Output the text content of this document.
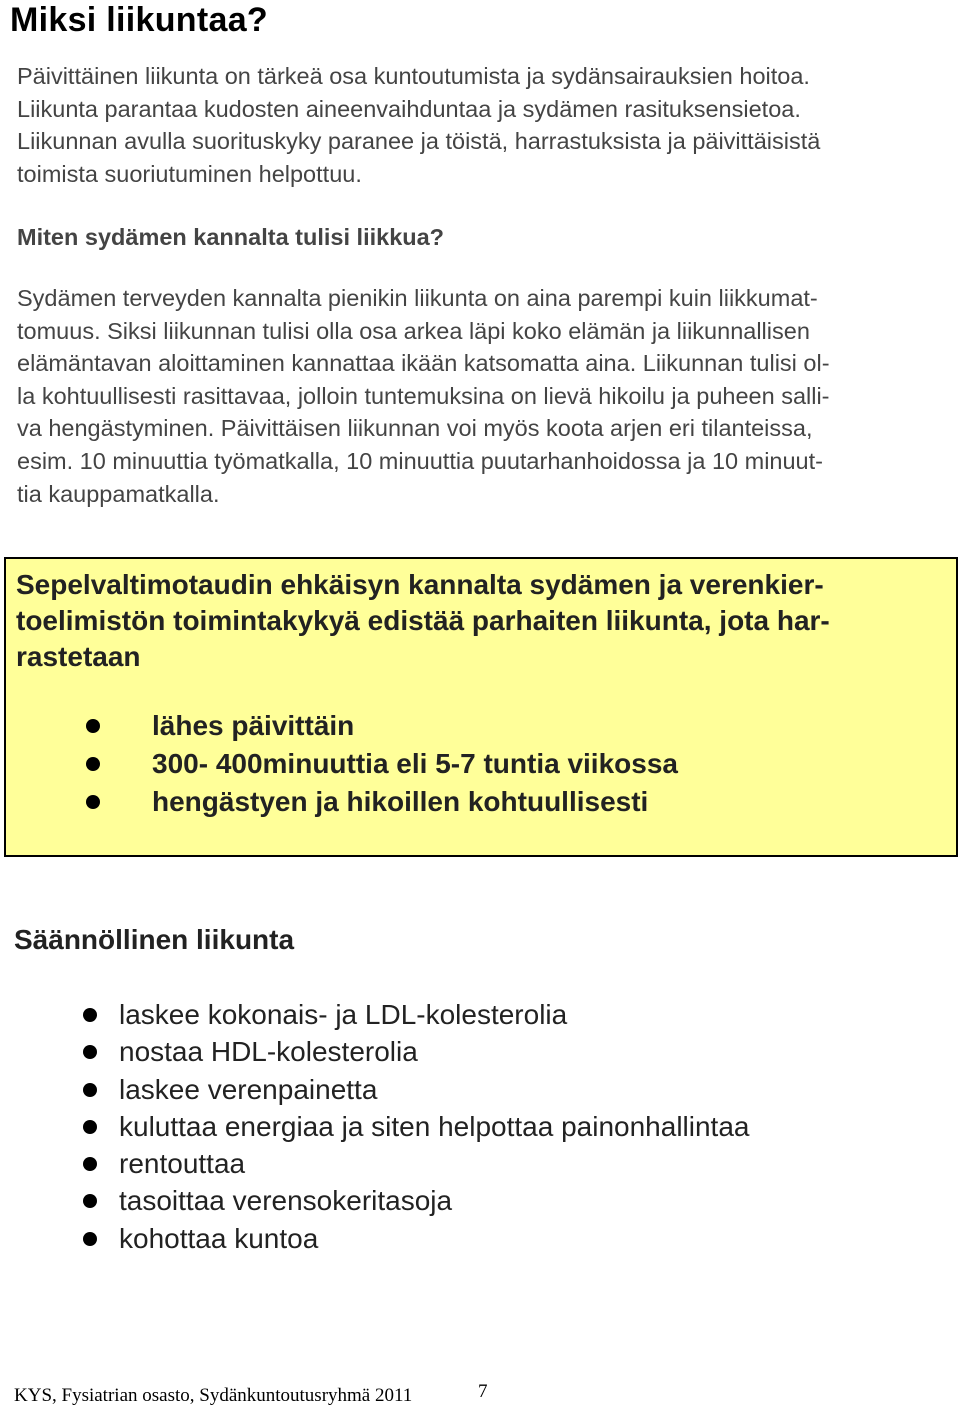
Miksi liikuntaa?

Päivittäinen liikunta on tärkeä osa kuntoutumista ja sydänsairauksien hoitoa.
Liikunta parantaa kudosten aineenvaihduntaa ja sydämen rasituksensietoa.
Liikunnan avulla suorituskyky paranee ja töistä, harrastuksista ja päivittäisistä
toimista suoriutuminen helpottuu.

Miten sydämen kannalta tulisi liikkua?

Sydämen terveyden kannalta pienikin liikunta on aina parempi kuin liikkumat-
tomuus. Siksi liikunnan tulisi olla osa arkea läpi koko elämän ja liikunnallisen
elämäntavan aloittaminen kannattaa ikään katsomatta aina. Liikunnan tulisi ol-
la kohtuullisesti rasittavaa, jolloin tuntemuksina on lievä hikoilu ja puheen salli-
va hengästyminen. Päivittäisen liikunnan voi myös koota arjen eri tilanteissa,
esim. 10 minuuttia työmatkalla, 10 minuuttia puutarhanhoidossa ja 10 minuut-
tia kauppamatkalla.

Sepelvaltimotaudin ehkäisyn kannalta sydämen ja verenkier-
toelimistön toimintakykyä edistää parhaiten liikunta, jota har-
rastetaan
lähes päivittäin
300- 400minuuttia eli 5-7 tuntia viikossa
hengästyen ja hikoillen kohtuullisesti
Säännöllinen liikunta
laskee kokonais- ja LDL-kolesterolia
nostaa HDL-kolesterolia
laskee verenpainetta
kuluttaa energiaa ja siten helpottaa painonhallintaa
rentouttaa
tasoittaa verensokeritasoja
kohottaa kuntoa

KYS, Fysiatrian osasto, Sydänkuntoutusryhmä 2011	7
